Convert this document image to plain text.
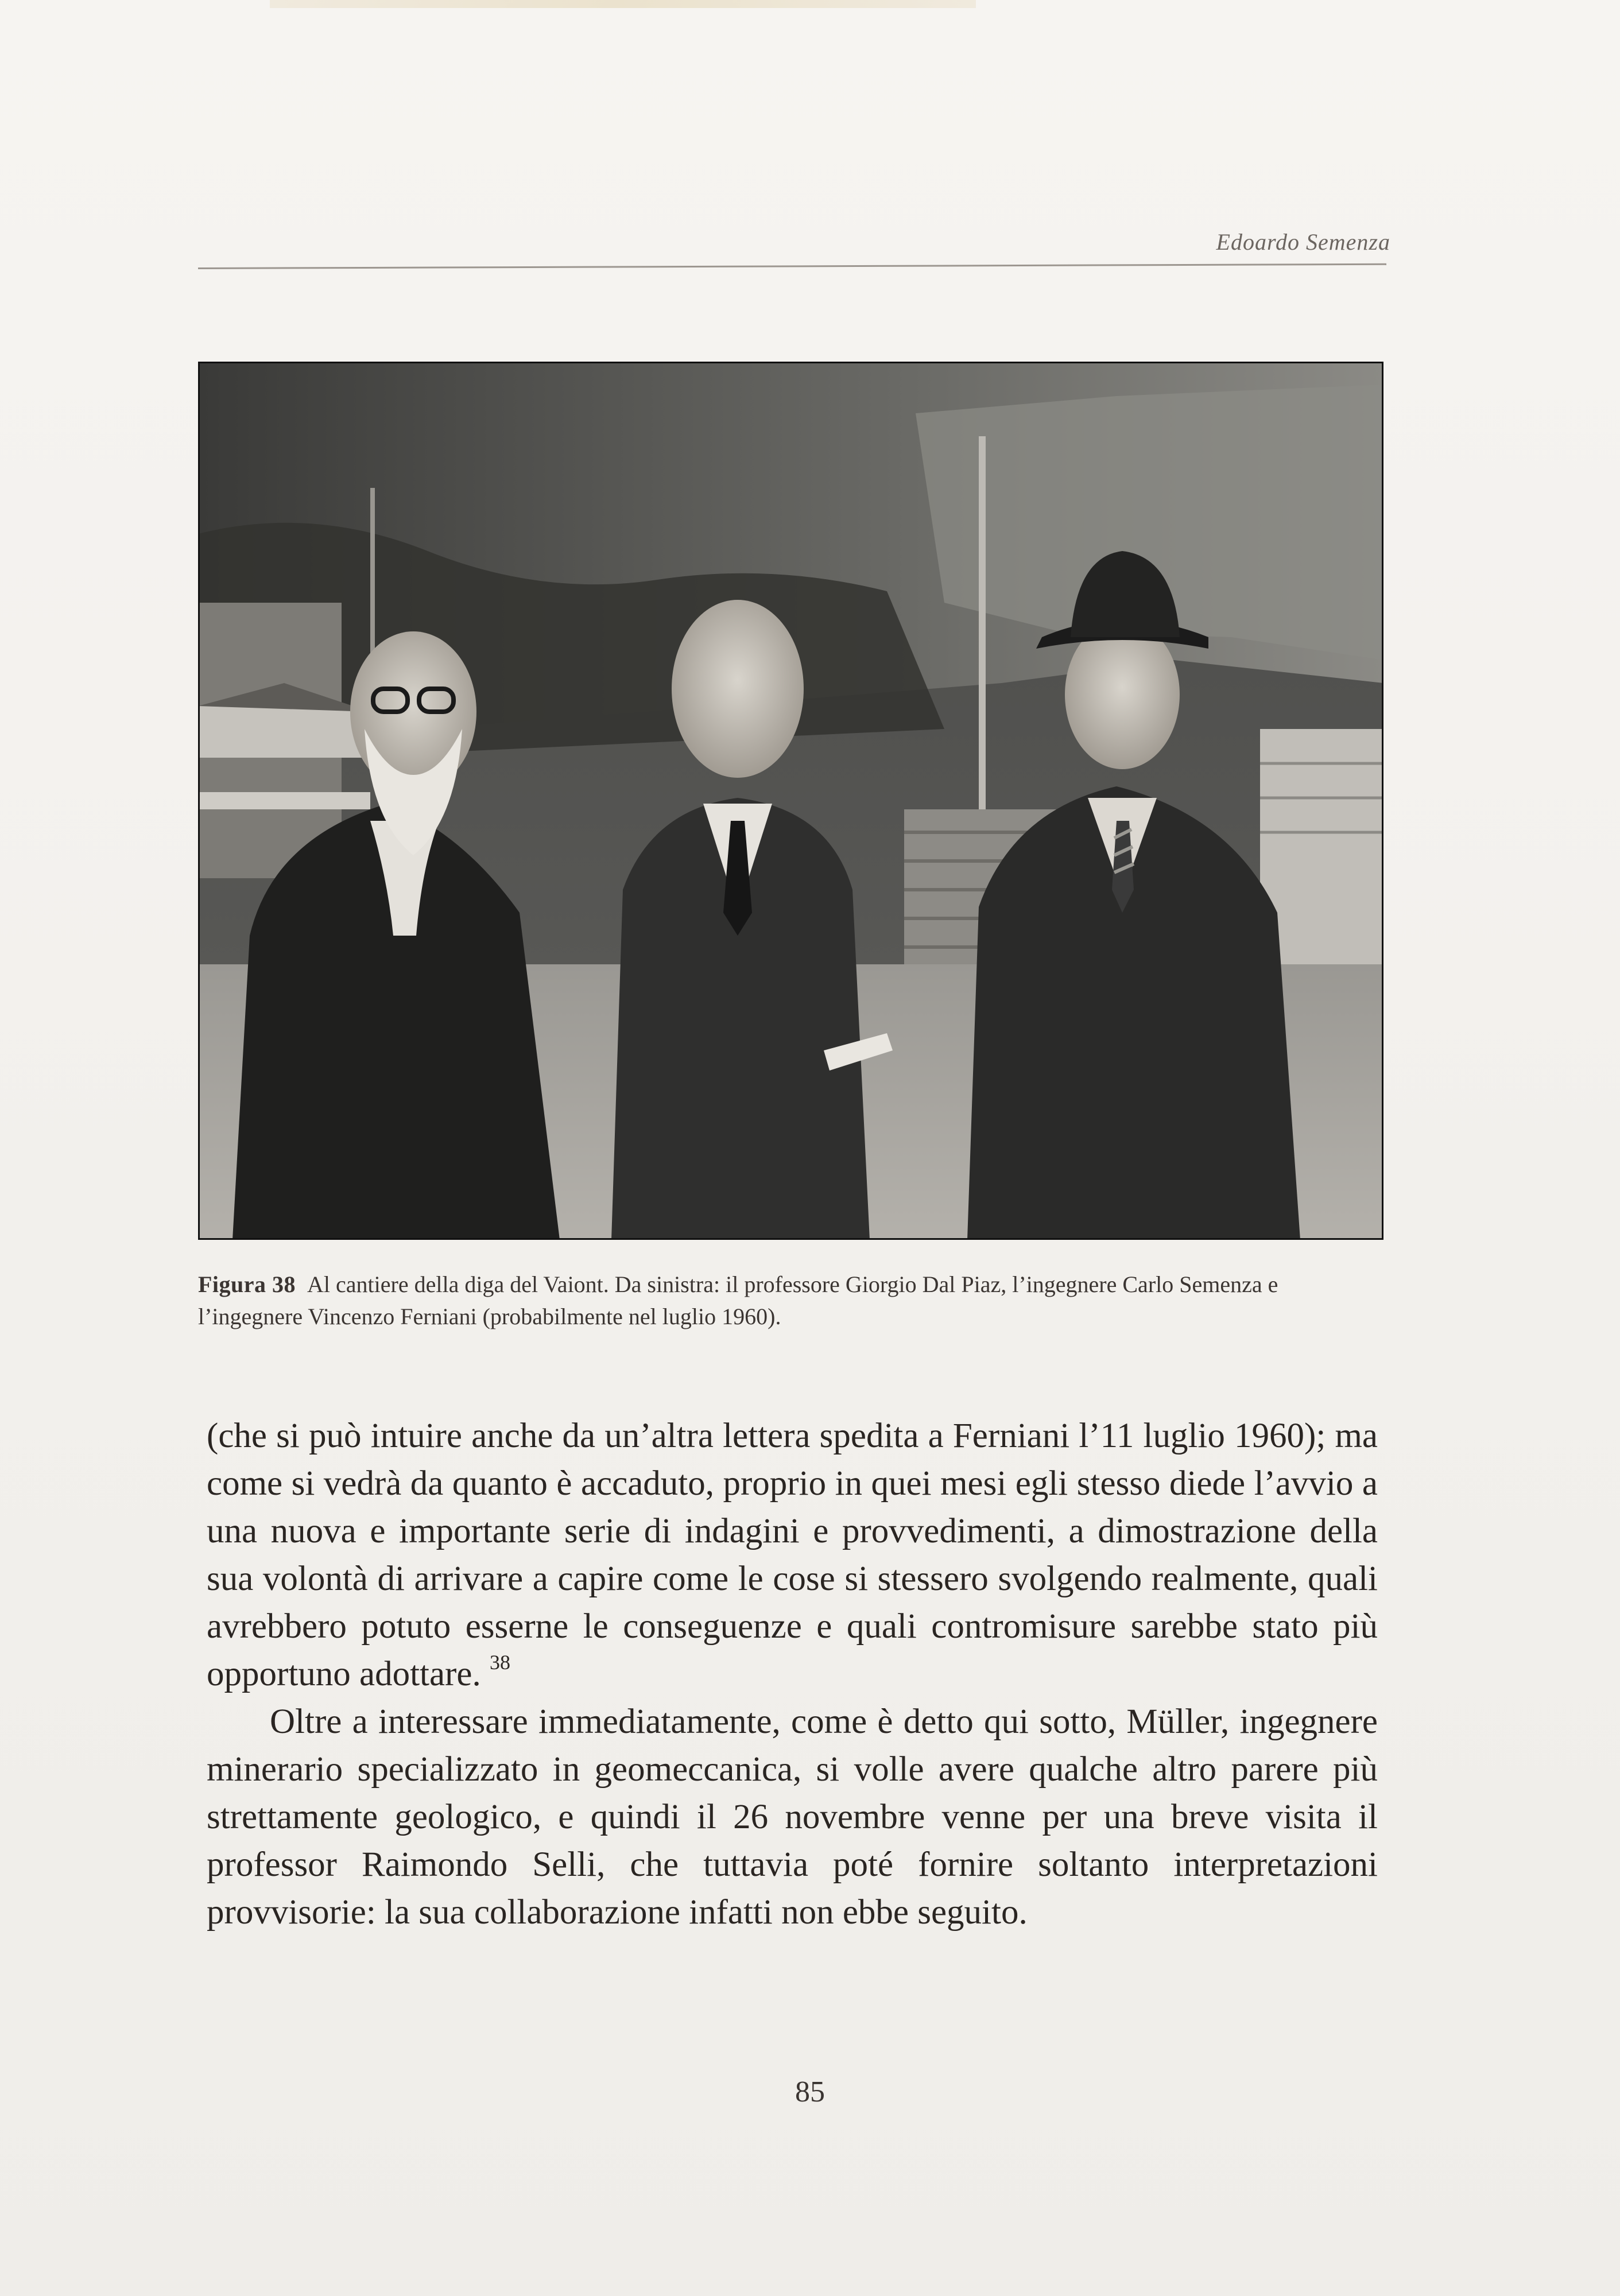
Edoardo Semenza
Figura 38 Al cantiere della diga del Vaiont. Da sinistra: il professore Giorgio Dal Piaz, l’ingegnere Carlo Semenza e l’ingegnere Vincenzo Ferniani (probabilmente nel luglio 1960).

(che si può intuire anche da un’altra lettera spedita a Ferniani l’11 luglio 1960); ma come si vedrà da quanto è accaduto, proprio in quei mesi egli stesso diede l’avvio a una nuova e importante serie di indagini e provvedimenti, a dimostrazione della sua volontà di arrivare a capire come le cose si stessero svolgendo realmente, quali avrebbero potuto esserne le conseguenze e quali contromisure sarebbe stato più opportuno adottare. $^{38}$

Oltre a interessare immediatamente, come è detto qui sotto, Müller, ingegnere minerario specializzato in geomeccanica, si volle avere qualche altro parere più strettamente geologico, e quindi il 26 novembre venne per una breve visita il professor Raimondo Selli, che tuttavia poté fornire soltanto interpretazioni provvisorie: la sua collaborazione infatti non ebbe seguito.

85
